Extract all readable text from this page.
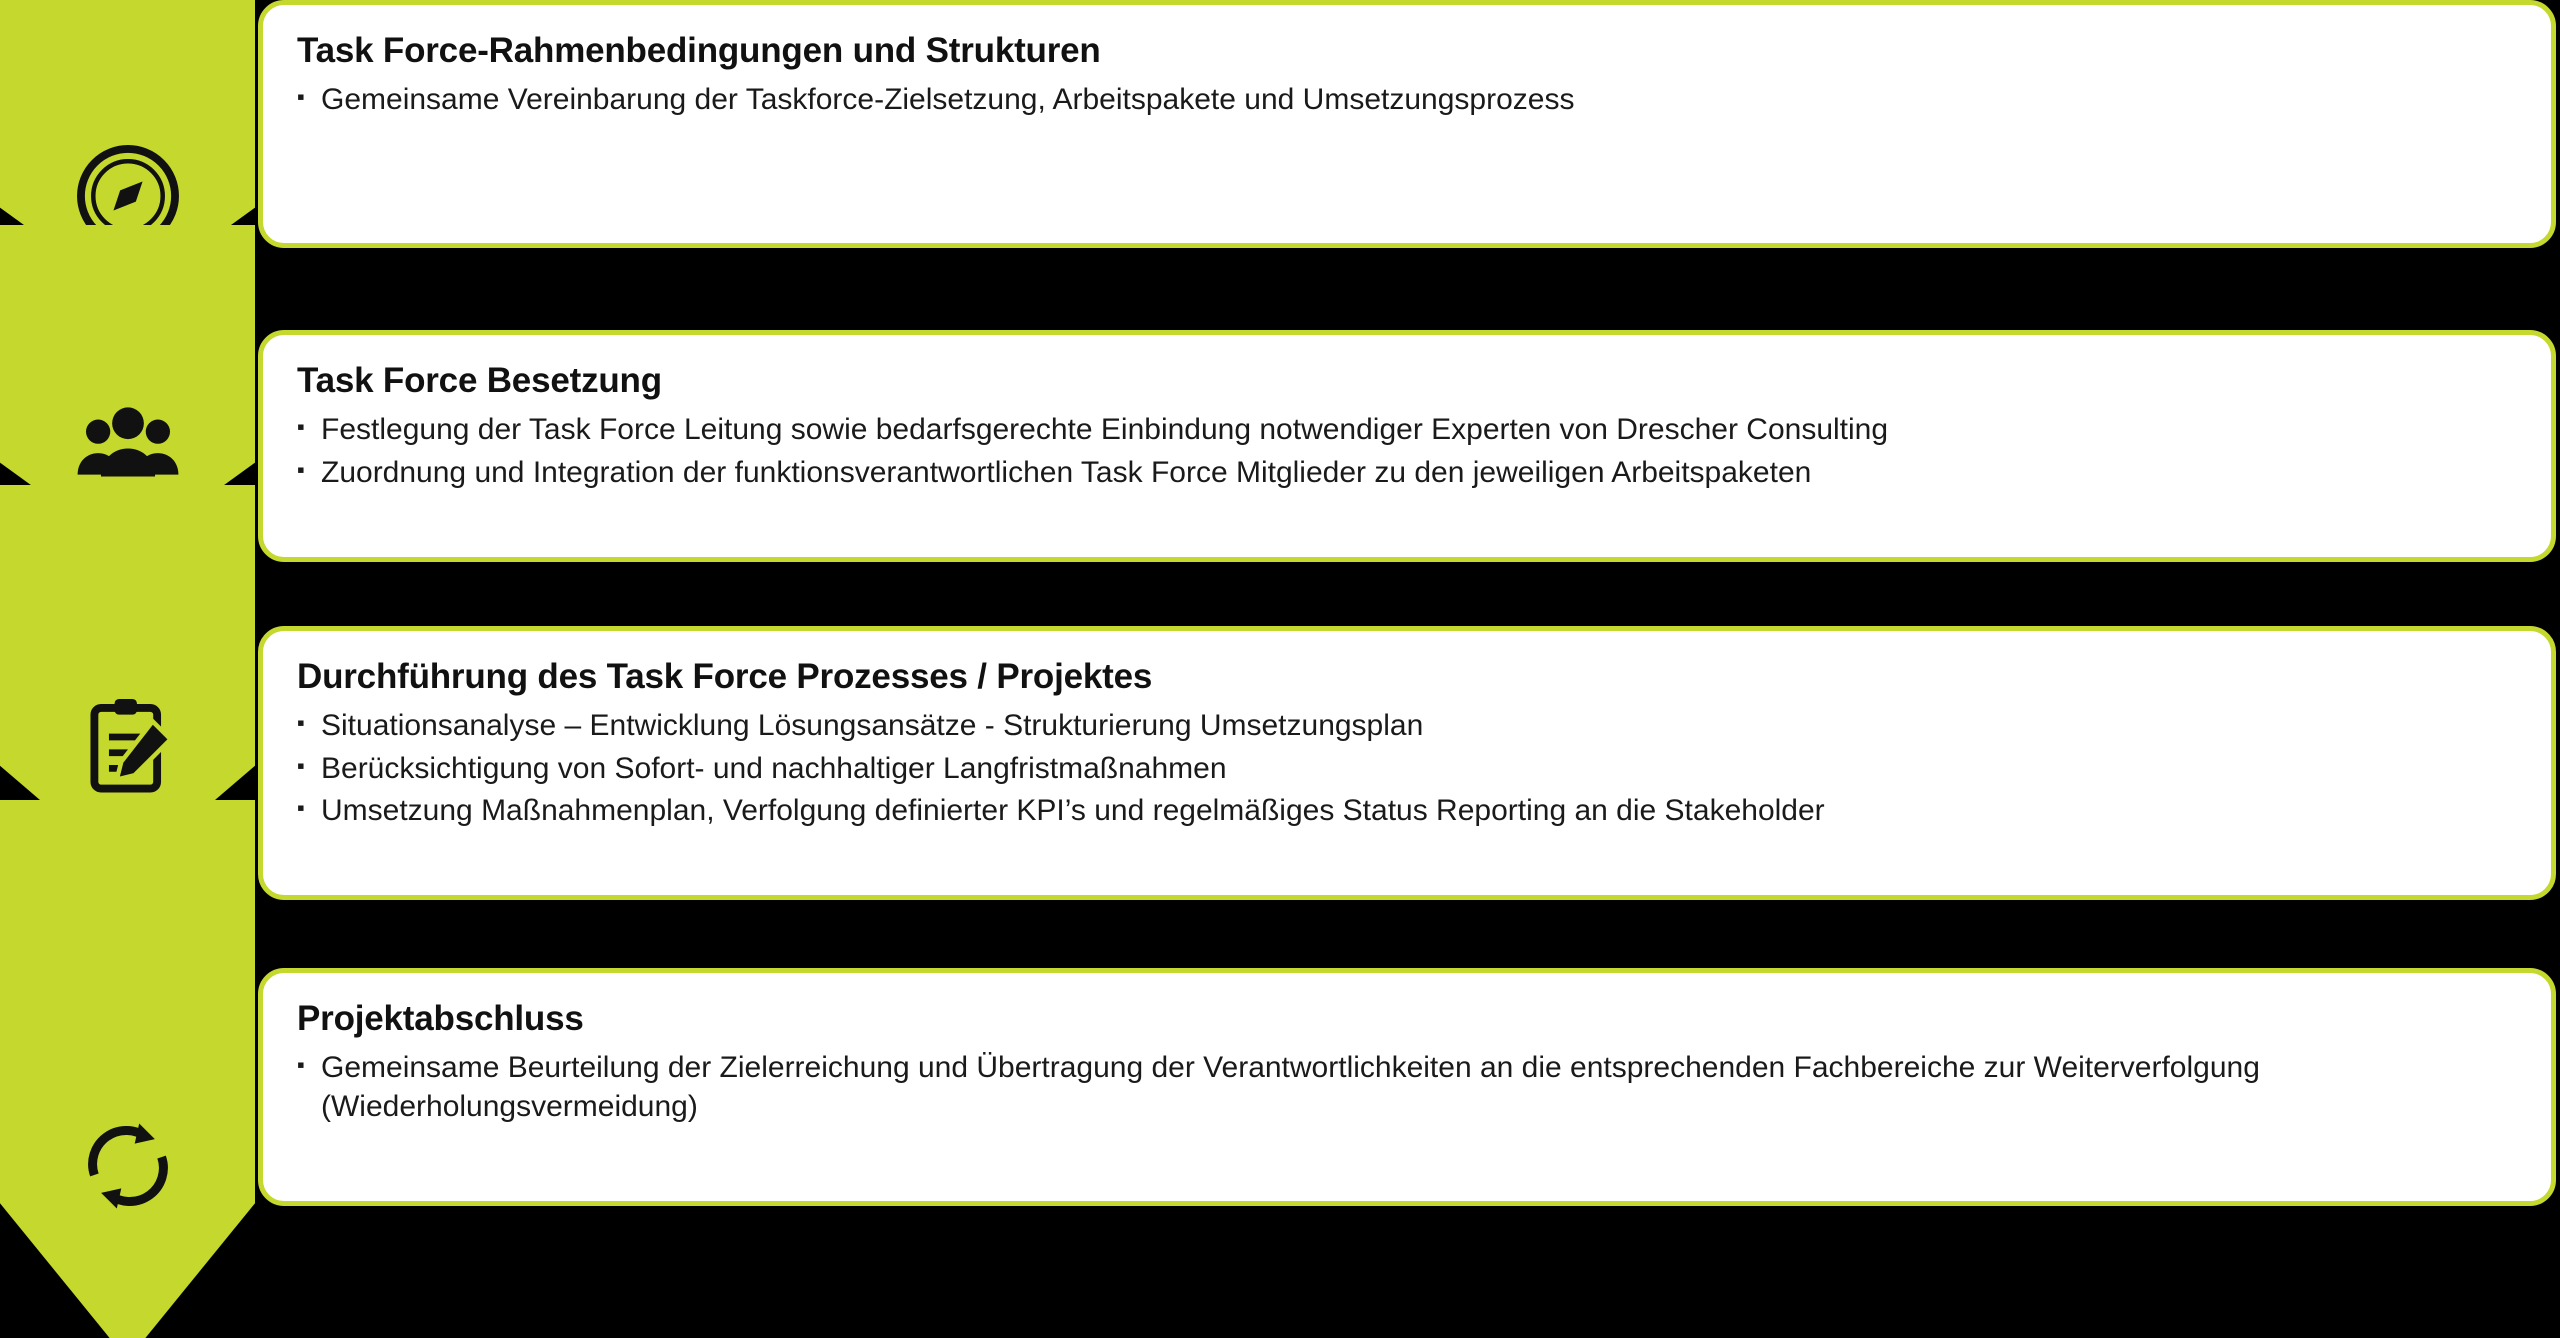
Task Force-Rahmenbedingungen und Strukturen
▪ Gemeinsame Vereinbarung der Taskforce-Zielsetzung, Arbeitspakete und Umsetzungsprozess
Task Force Besetzung
▪ Festlegung der Task Force Leitung sowie bedarfsgerechte Einbindung notwendiger Experten von Drescher Consulting
▪ Zuordnung und Integration der funktionsverantwortlichen Task Force Mitglieder zu den jeweiligen Arbeitspaketen
Durchführung des Task Force Prozesses / Projektes
▪ Situationsanalyse – Entwicklung Lösungsansätze - Strukturierung Umsetzungsplan
▪ Berücksichtigung von Sofort- und nachhaltiger Langfristmaßnahmen
▪ Umsetzung Maßnahmenplan, Verfolgung definierter KPI’s und regelmäßiges Status Reporting an die Stakeholder
Projektabschluss
▪ Gemeinsame Beurteilung der Zielerreichung und Übertragung der Verantwortlichkeiten an die entsprechenden Fachbereiche zur Weiterverfolgung (Wiederholungsvermeidung)
